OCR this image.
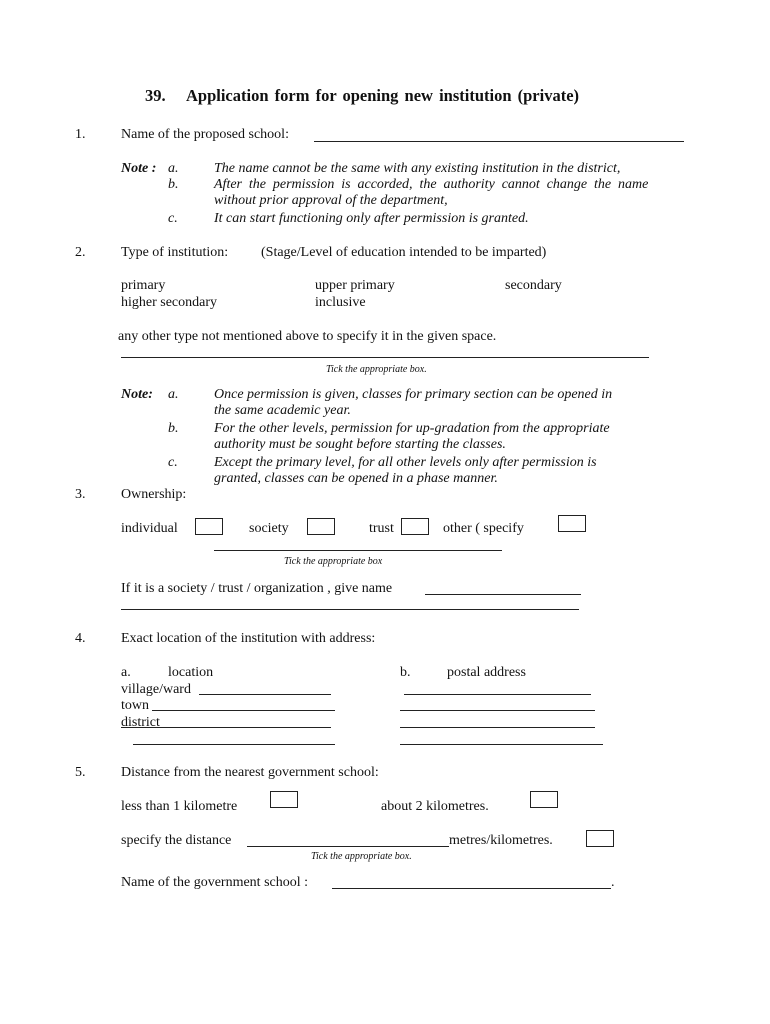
39. Application form for opening new institution (private)
1.	Name of the proposed school:
Note : a.	The name cannot be the same with any existing institution in the district,
b.	After the permission is accorded, the authority cannot change the name
without prior approval of the department,
c.	It can start functioning only after permission is granted.
2.	Type of institution: (Stage/Level of education intended to be imparted)
primary	upper primary	secondary
higher secondary	inclusive
any other type not mentioned above to specify it in the given space.
Tick the appropriate box.
Note: a.	Once permission is given, classes for primary section can be opened in
the same academic year.
b.	For the other levels, permission for up-gradation from the appropriate
authority must be sought before starting the classes.
c.	Except the primary level, for all other levels only after permission is
granted, classes can be opened in a phase manner.
3.	Ownership:
individual	society	trust	other ( specify
Tick the appropriate box
If it is a society / trust / organization , give name
4.	Exact location of the institution with address:
a.	location	b.	postal address
village/ward
town
district
5.	Distance from the nearest government school:
less than 1 kilometre	about 2 kilometres.
specify the distance	metres/kilometres.
Tick the appropriate box.
Name of the government school :	.
